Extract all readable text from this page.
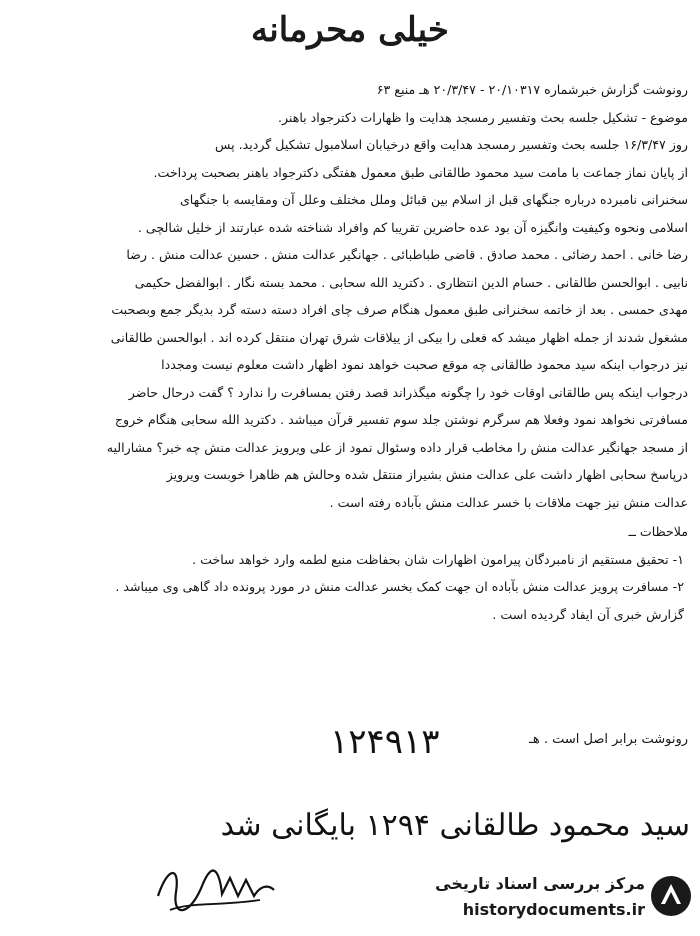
خیلی محرمانه

رونوشت گزارش خبرشماره ۲۰/۱۰۳۱۷ - ۲۰/۳/۴۷ هـ منبع ۶۳

موضوع - تشکیل جلسه بحث وتفسیر رمسجد هدایت وا ظهارات دکترجواد باهنر.

روز ۱۶/۳/۴۷ جلسه بحث وتفسیر رمسجد هدایت واقع درخیابان اسلامبول تشکیل گردید. پس

از پایان نماز جماعت با مامت سید محمود طالقانی طبق معمول هفتگی دکترجواد باهنر بصحبت پرداخت.

سخنرانی نامبرده درباره جنگهای قبل از اسلام بین قبائل وملل مختلف وعلل آن ومقایسه با جنگهای

اسلامی ونحوه وکیفیت وانگیزه آن بود عده حاضرین تقریبا کم وافراد شناخته شده عبارتند از خلیل شالچی .

رضا خانی . احمد رضائی . محمد صادق . قاضی طباطبائی . جهانگیر عدالت منش . حسین عدالت منش . رضا

نابیی . ابوالحسن طالقانی . حسام الدین انتظاری . دکترید الله سحابی . محمد بسته نگار . ابوالفضل حکیمی

مهدی حمسی . بعد از خاتمه سخنرانی طبق معمول هنگام صرف چای افراد دسته دسته گرد بدیگر جمع وبصحبت

مشغول شدند از جمله اظهار میشد که فعلی را بیکی از ییلاقات شرق تهران منتقل کرده اند . ابوالحسن طالقانی

نیز درجواب اینکه سید محمود طالقانی چه موقع صحبت خواهد نمود اظهار داشت معلوم نیست ومجددا

درجواب اینکه پس طالقانی اوقات خود را چگونه میگذراند قصد رفتن بمسافرت را ندارد ؟ گفت درحال حاضر

مسافرتی نخواهد نمود وفعلا هم سرگرم نوشتن جلد سوم تفسیر قرآن میباشد . دکترید الله سحابی هنگام خروج

از مسجد جهانگیر عدالت منش را مخاطب قرار داده وسئوال نمود از علی ویرویز عدالت منش چه خبر؟ مشارالیه

درپاسخ سحابی اظهار داشت علی عدالت منش بشیراز منتقل شده وحالش هم ظاهرا خوبست ویرویز

عدالت منش نیز جهت ملاقات با خسر عدالت منش بآباده رفته است .

ملاحظات ــ

۱- تحقیق مستقیم از نامبردگان پیرامون اظهارات شان بحفاظت منبع لطمه وارد خواهد ساخت .

۲- مسافرت پرویز عدالت منش بآباده ان جهت کمک بخسر عدالت منش در مورد پرونده داد گاهی وی میباشد .

گزارش خبری آن ایفاد گردیده است .

رونوشت برابر اصل است . هـ
۱۲۴۹۱۳
سید محمود طالقانی ۱۲۹۴ بایگانی شد
مرکز بررسی اسناد تاریخی
historydocuments.ir
